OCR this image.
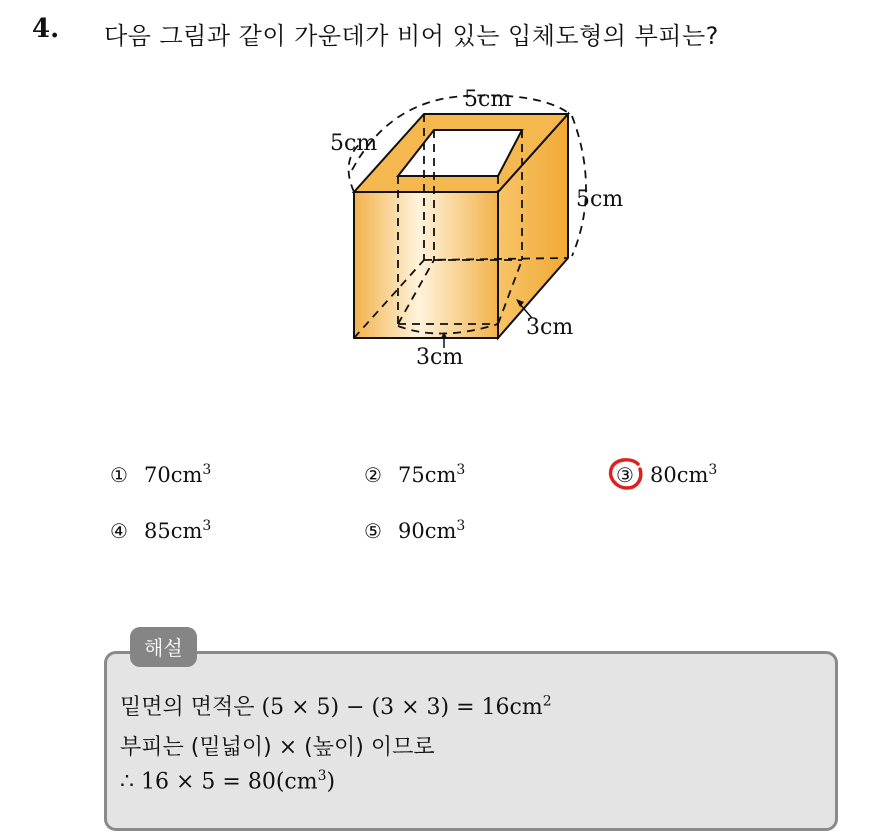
4. 다음 그림과 같이 가운데가 비어 있는 입체도형의 부피는?
5cm
5cm
5cm
3cm
3cm
① $70cm^3$	② $75cm^3$	③ $80cm^3$
④ $85cm^3$	⑤ $90cm^3$
해설
밑면의 면적은 $(5 \times 5) - (3 \times 3) = 16cm^2$
부피는 (밑넓이) × (높이) 이므로
∴ $16 \times 5 = 80(cm^3)$
